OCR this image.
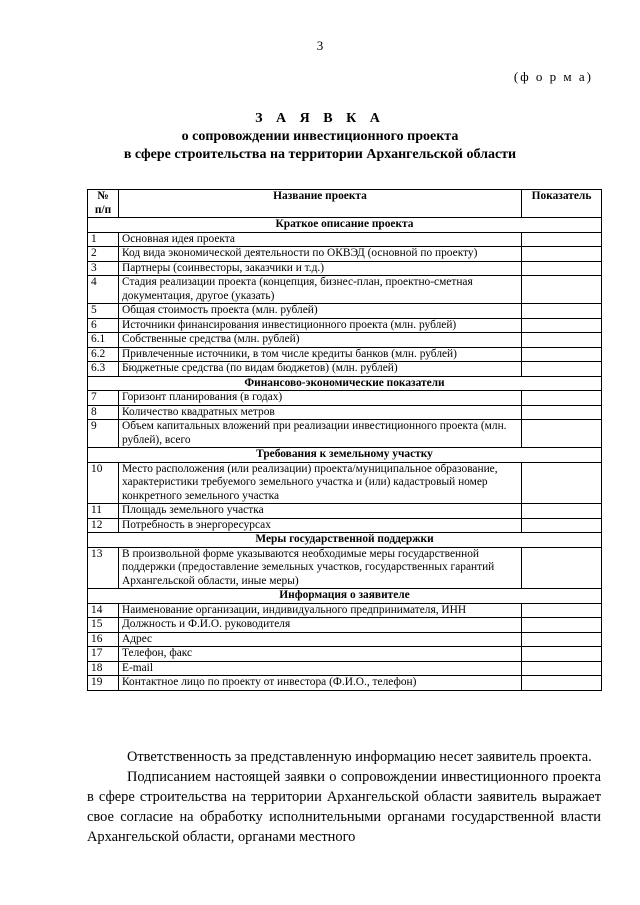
3
(ф о р м а)
З А Я В К А
о сопровождении инвестиционного проекта
в сфере строительства на территории Архангельской области
№ п/п	Название проекта	Показатель
Краткое описание проекта		
1	Основная идея проекта	
2	Код вида экономической деятельности по ОКВЭД (основной по проекту)	
3	Партнеры (соинвесторы, заказчики и т.д.)	
4	Стадия реализации проекта (концепция, бизнес-план, проектно-сметная документация, другое (указать)	
5	Общая стоимость проекта (млн. рублей)	
6	Источники финансирования инвестиционного проекта (млн. рублей)	
6.1	Собственные средства (млн. рублей)	
6.2	Привлеченные источники, в том числе кредиты банков (млн. рублей)	
6.3	Бюджетные средства (по видам бюджетов) (млн. рублей)	
Финансово-экономические показатели		
7	Горизонт планирования (в годах)	
8	Количество квадратных метров	
9	Объем капитальных вложений при реализации инвестиционного проекта (млн. рублей), всего	
Требования к земельному участку		
10	Место расположения (или реализации) проекта/муниципальное образование, характеристики требуемого земельного участка и (или) кадастровый номер конкретного земельного участка	
11	Площадь земельного участка	
12	Потребность в энергоресурсах	
Меры государственной поддержки		
13	В произвольной форме указываются необходимые меры государственной поддержки (предоставление земельных участков, государственных гарантий Архангельской области, иные меры)	
Информация о заявителе		
14	Наименование организации, индивидуального предпринимателя, ИНН	
15	Должность и Ф.И.О. руководителя	
16	Адрес	
17	Телефон, факс	
18	E-mail	
19	Контактное лицо по проекту от инвестора (Ф.И.О., телефон)	

Ответственность за представленную информацию несет заявитель проекта.

Подписанием настоящей заявки о сопровождении инвестиционного проекта в сфере строительства на территории Архангельской области заявитель выражает свое согласие на обработку исполнительными органами государственной власти Архангельской области, органами местного
